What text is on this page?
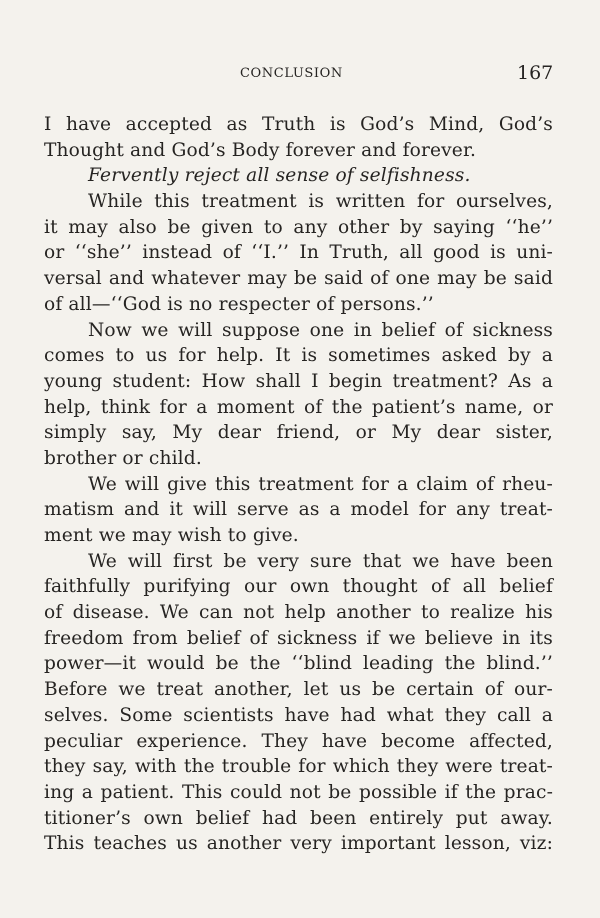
CONCLUSION	167
I have accepted as Truth is God’s Mind, God’s
Thought and God’s Body forever and forever.
Fervently reject all sense of selfishness.
While this treatment is written for ourselves,
it may also be given to any other by saying ‘‘he’’
or ‘‘she’’ instead of ‘‘I.’’ In Truth, all good is uni-
versal and whatever may be said of one may be said
of all—‘‘God is no respecter of persons.’’
Now we will suppose one in belief of sickness
comes to us for help. It is sometimes asked by a
young student: How shall I begin treatment? As a
help, think for a moment of the patient’s name, or
simply say, My dear friend, or My dear sister,
brother or child.
We will give this treatment for a claim of rheu-
matism and it will serve as a model for any treat-
ment we may wish to give.
We will first be very sure that we have been
faithfully purifying our own thought of all belief
of disease. We can not help another to realize his
freedom from belief of sickness if we believe in its
power—it would be the ‘‘blind leading the blind.’’
Before we treat another, let us be certain of our-
selves. Some scientists have had what they call a
peculiar experience. They have become affected,
they say, with the trouble for which they were treat-
ing a patient. This could not be possible if the prac-
titioner’s own belief had been entirely put away.
This teaches us another very important lesson, viz:
